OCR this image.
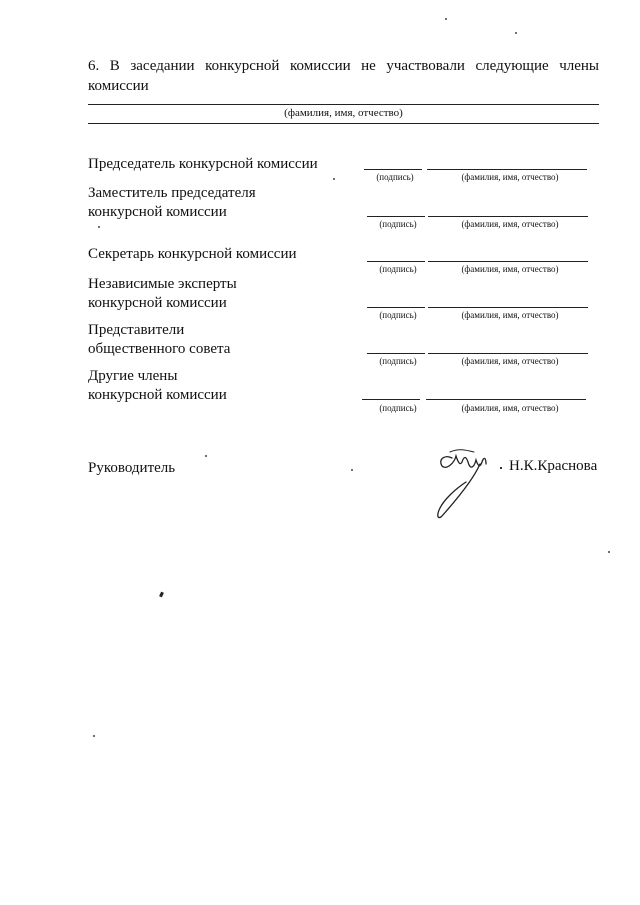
6. В заседании конкурсной комиссии не участвовали следующие члены комиссии
(фамилия, имя, отчество)
Председатель конкурсной комиссии
(подпись)	(фамилия, имя, отчество)
Заместитель председателя
конкурсной комиссии
(подпись)	(фамилия, имя, отчество)
Секретарь конкурсной комиссии
(подпись)	(фамилия, имя, отчество)
Независимые эксперты
конкурсной комиссии
(подпись)	(фамилия, имя, отчество)
Представители
общественного совета
(подпись)	(фамилия, имя, отчество)
Другие члены
конкурсной комиссии
(подпись)	(фамилия, имя, отчество)
Руководитель	Н.К.Краснова
